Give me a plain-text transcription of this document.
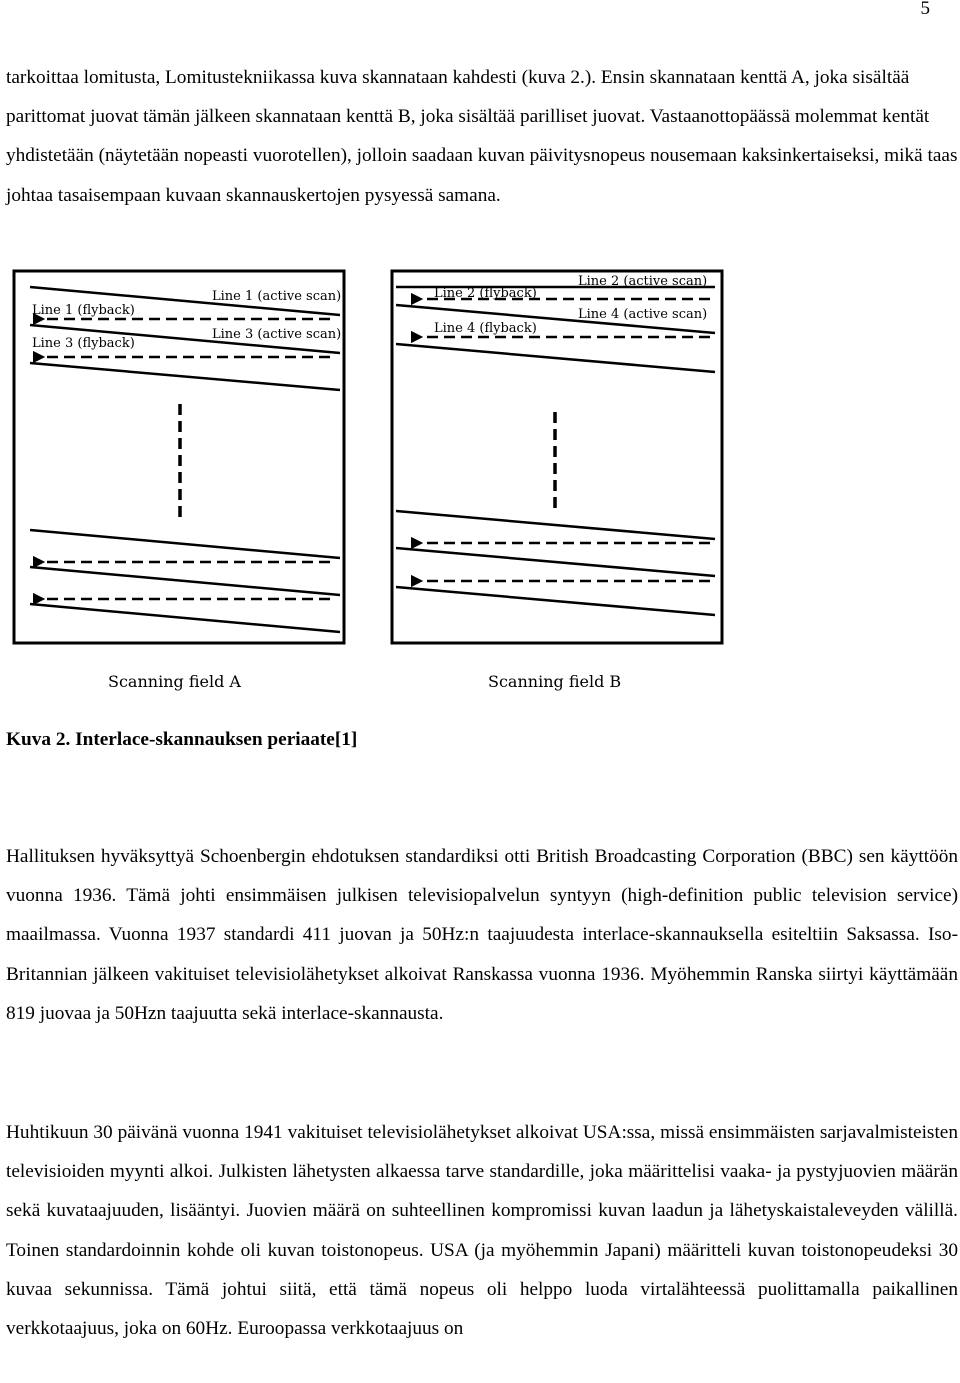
5

tarkoittaa lomitusta, Lomitustekniikassa kuva skannataan kahdesti (kuva 2.). Ensin skannataan kenttä A, joka sisältää parittomat juovat tämän jälkeen skannataan kenttä B, joka sisältää parilliset juovat. Vastaanottopäässä molemmat kentät yhdistetään (näytetään nopeasti vuorotellen), jolloin saadaan kuvan päivitysnopeus nousemaan kaksinkertaiseksi, mikä taas johtaa tasaisempaan kuvaan skannauskertojen pysyessä samana.

Line 1 (active scan)
Line 1 (flyback)
Line 3 (active scan)
Line 3 (flyback)
Scanning field A
Line 2 (active scan)
Line 2 (flyback)
Line 4 (active scan)
Line 4 (flyback)
Scanning field B
Kuva 2. Interlace-skannauksen periaate[1]

Hallituksen hyväksyttyä Schoenbergin ehdotuksen standardiksi otti British Broadcasting Corporation (BBC) sen käyttöön vuonna 1936. Tämä johti ensimmäisen julkisen televisiopalvelun syntyyn (high-definition public television service) maailmassa. Vuonna 1937 standardi 411 juovan ja 50Hz:n taajuudesta interlace-skannauksella esiteltiin Saksassa. Iso-Britannian jälkeen vakituiset televisiolähetykset alkoivat Ranskassa vuonna 1936. Myöhemmin Ranska siirtyi käyttämään 819 juovaa ja 50Hzn taajuutta sekä interlace-skannausta.

Huhtikuun 30 päivänä vuonna 1941 vakituiset televisiolähetykset alkoivat USA:ssa, missä ensimmäisten sarjavalmisteisten televisioiden myynti alkoi. Julkisten lähetysten alkaessa tarve standardille, joka määrittelisi vaaka- ja pystyjuovien määrän sekä kuvataajuuden, lisääntyi. Juovien määrä on suhteellinen kompromissi kuvan laadun ja lähetyskaistaleveyden välillä. Toinen standardoinnin kohde oli kuvan toistonopeus. USA (ja myöhemmin Japani) määritteli kuvan toistonopeudeksi 30 kuvaa sekunnissa. Tämä johtui siitä, että tämä nopeus oli helppo luoda virtalähteessä puolittamalla paikallinen verkkotaajuus, joka on 60Hz. Euroopassa verkkotaajuus on
